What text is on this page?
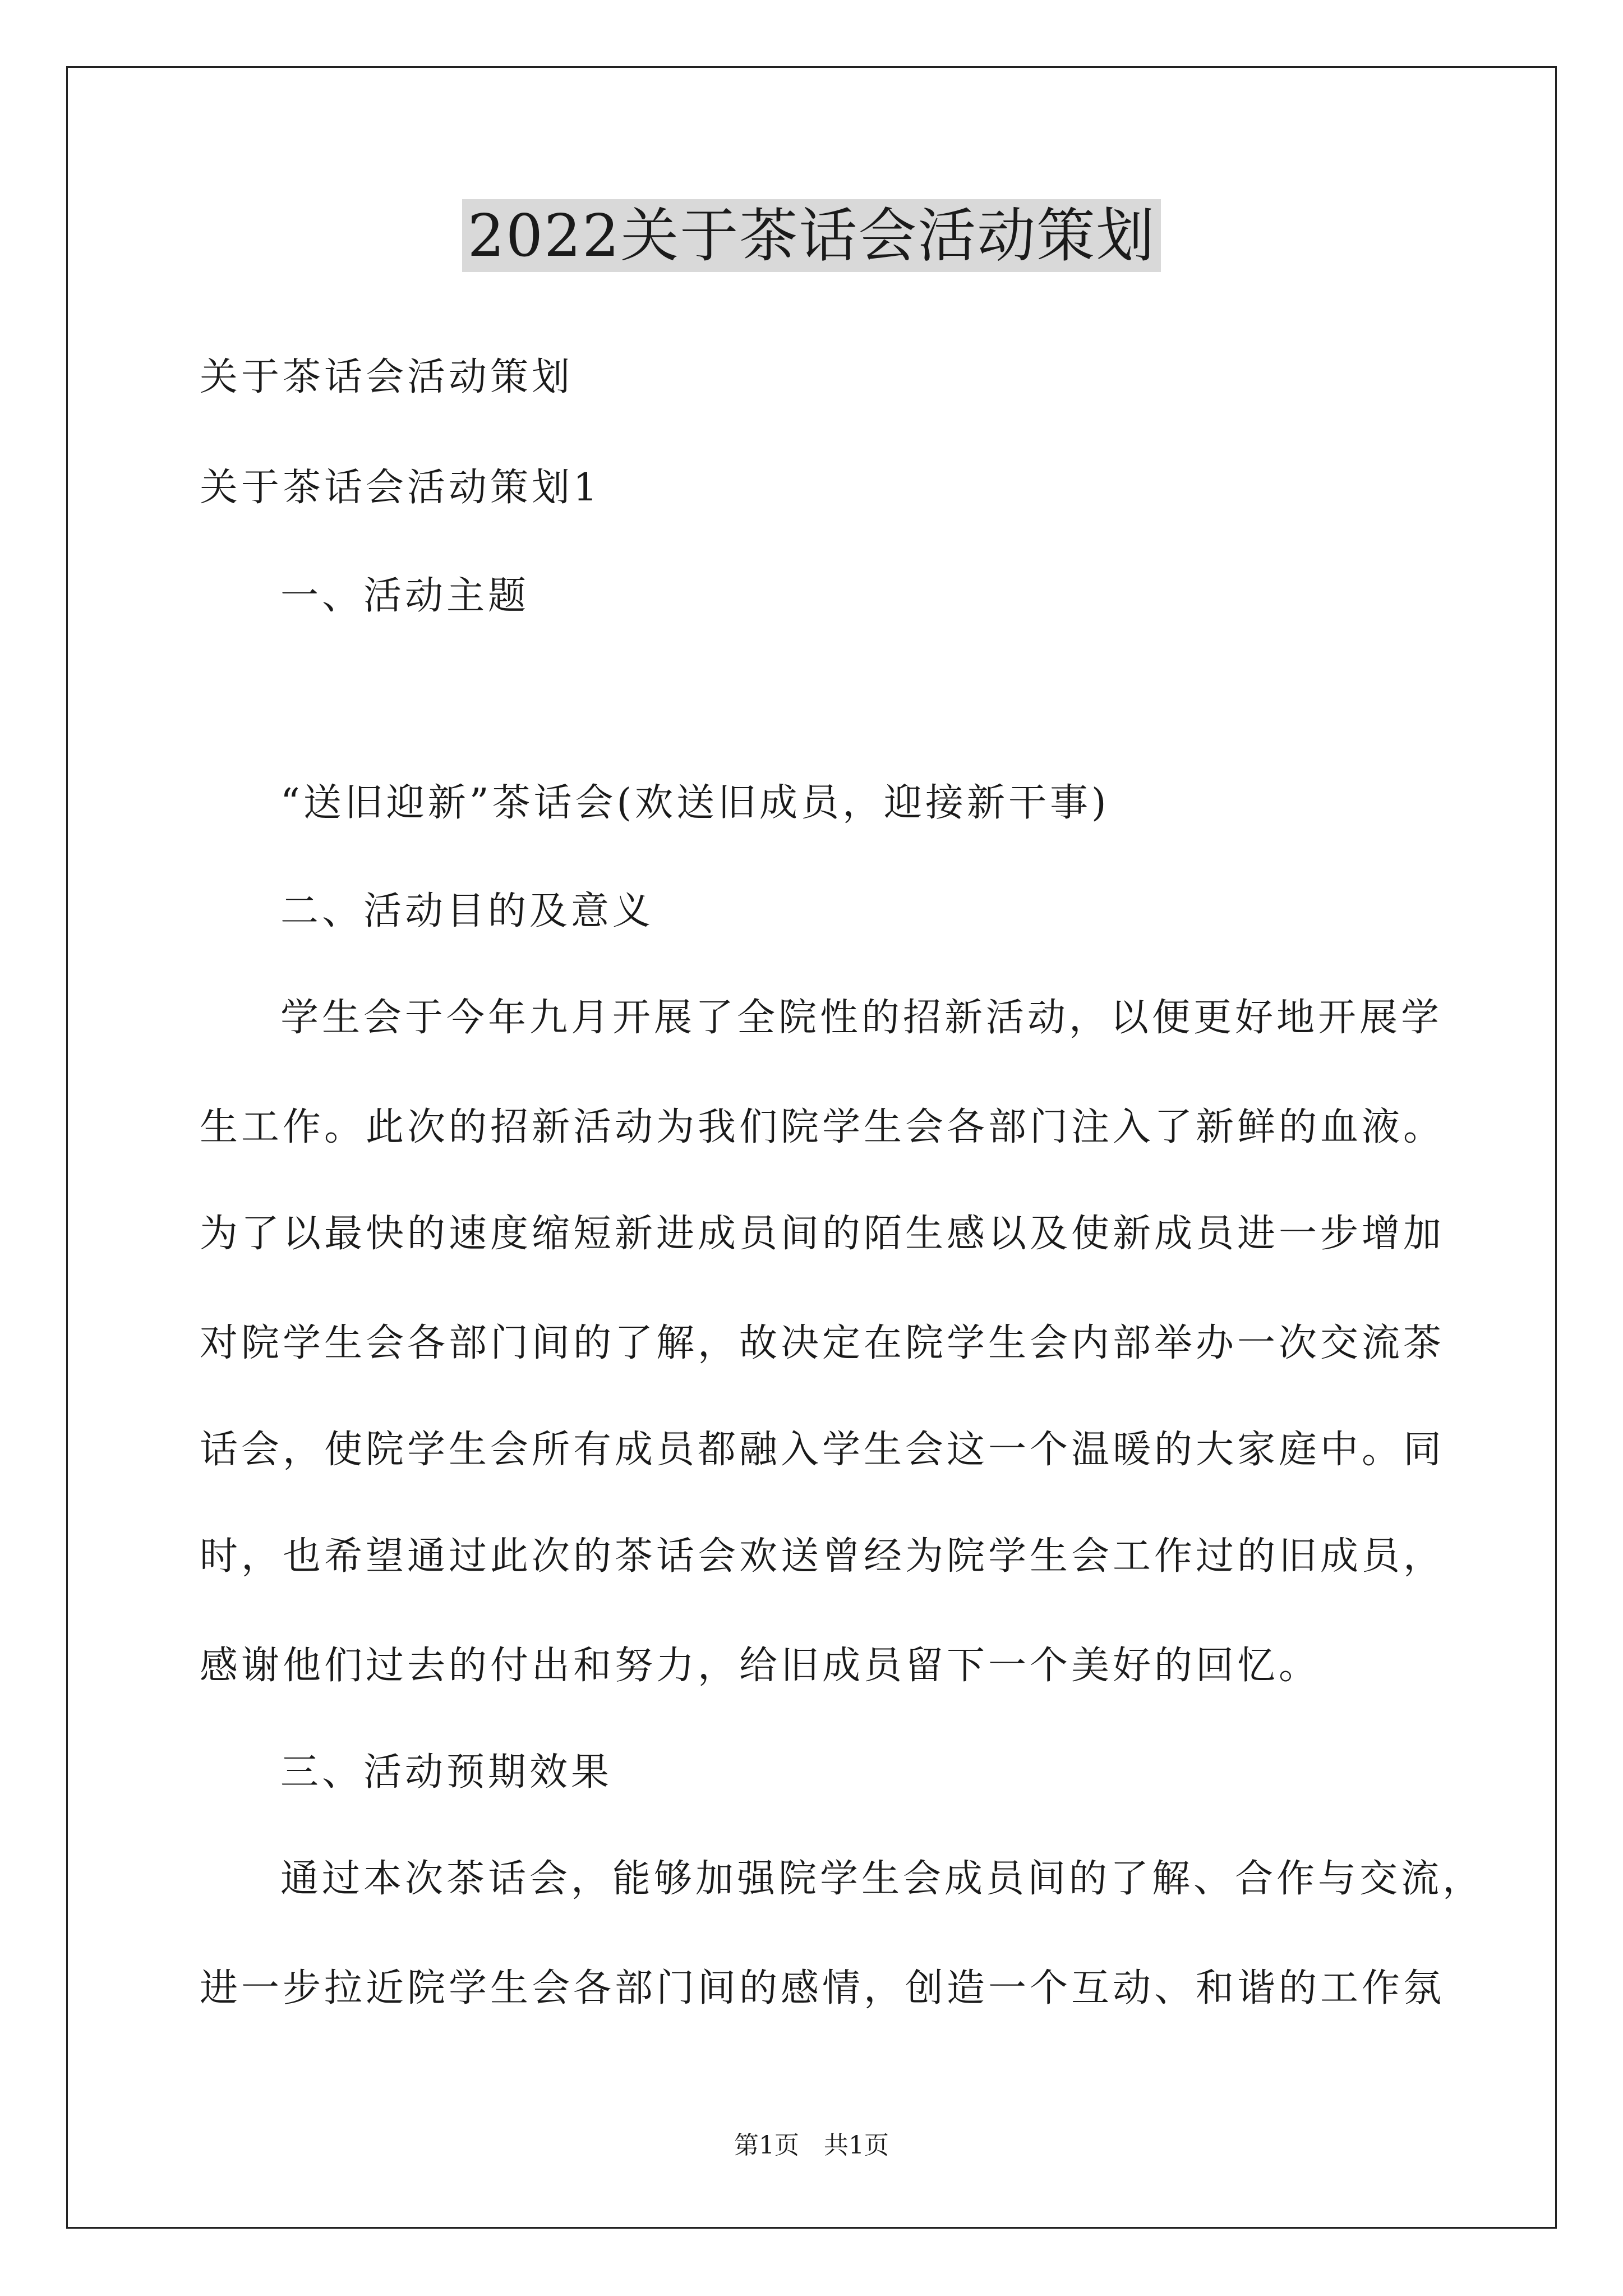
2022关于茶话会活动策划
关于茶话会活动策划
关于茶话会活动策划1
一、活动主题
“送旧迎新”茶话会(欢送旧成员，迎接新干事)
二、活动目的及意义
学生会于今年九月开展了全院性的招新活动，以便更好地开展学
生工作。此次的招新活动为我们院学生会各部门注入了新鲜的血液。
为了以最快的速度缩短新进成员间的陌生感以及使新成员进一步增加
对院学生会各部门间的了解，故决定在院学生会内部举办一次交流茶
话会，使院学生会所有成员都融入学生会这一个温暖的大家庭中。同
时，也希望通过此次的茶话会欢送曾经为院学生会工作过的旧成员，
感谢他们过去的付出和努力，给旧成员留下一个美好的回忆。
三、活动预期效果
通过本次茶话会，能够加强院学生会成员间的了解、合作与交流，
进一步拉近院学生会各部门间的感情，创造一个互动、和谐的工作氛
第1页　共1页
